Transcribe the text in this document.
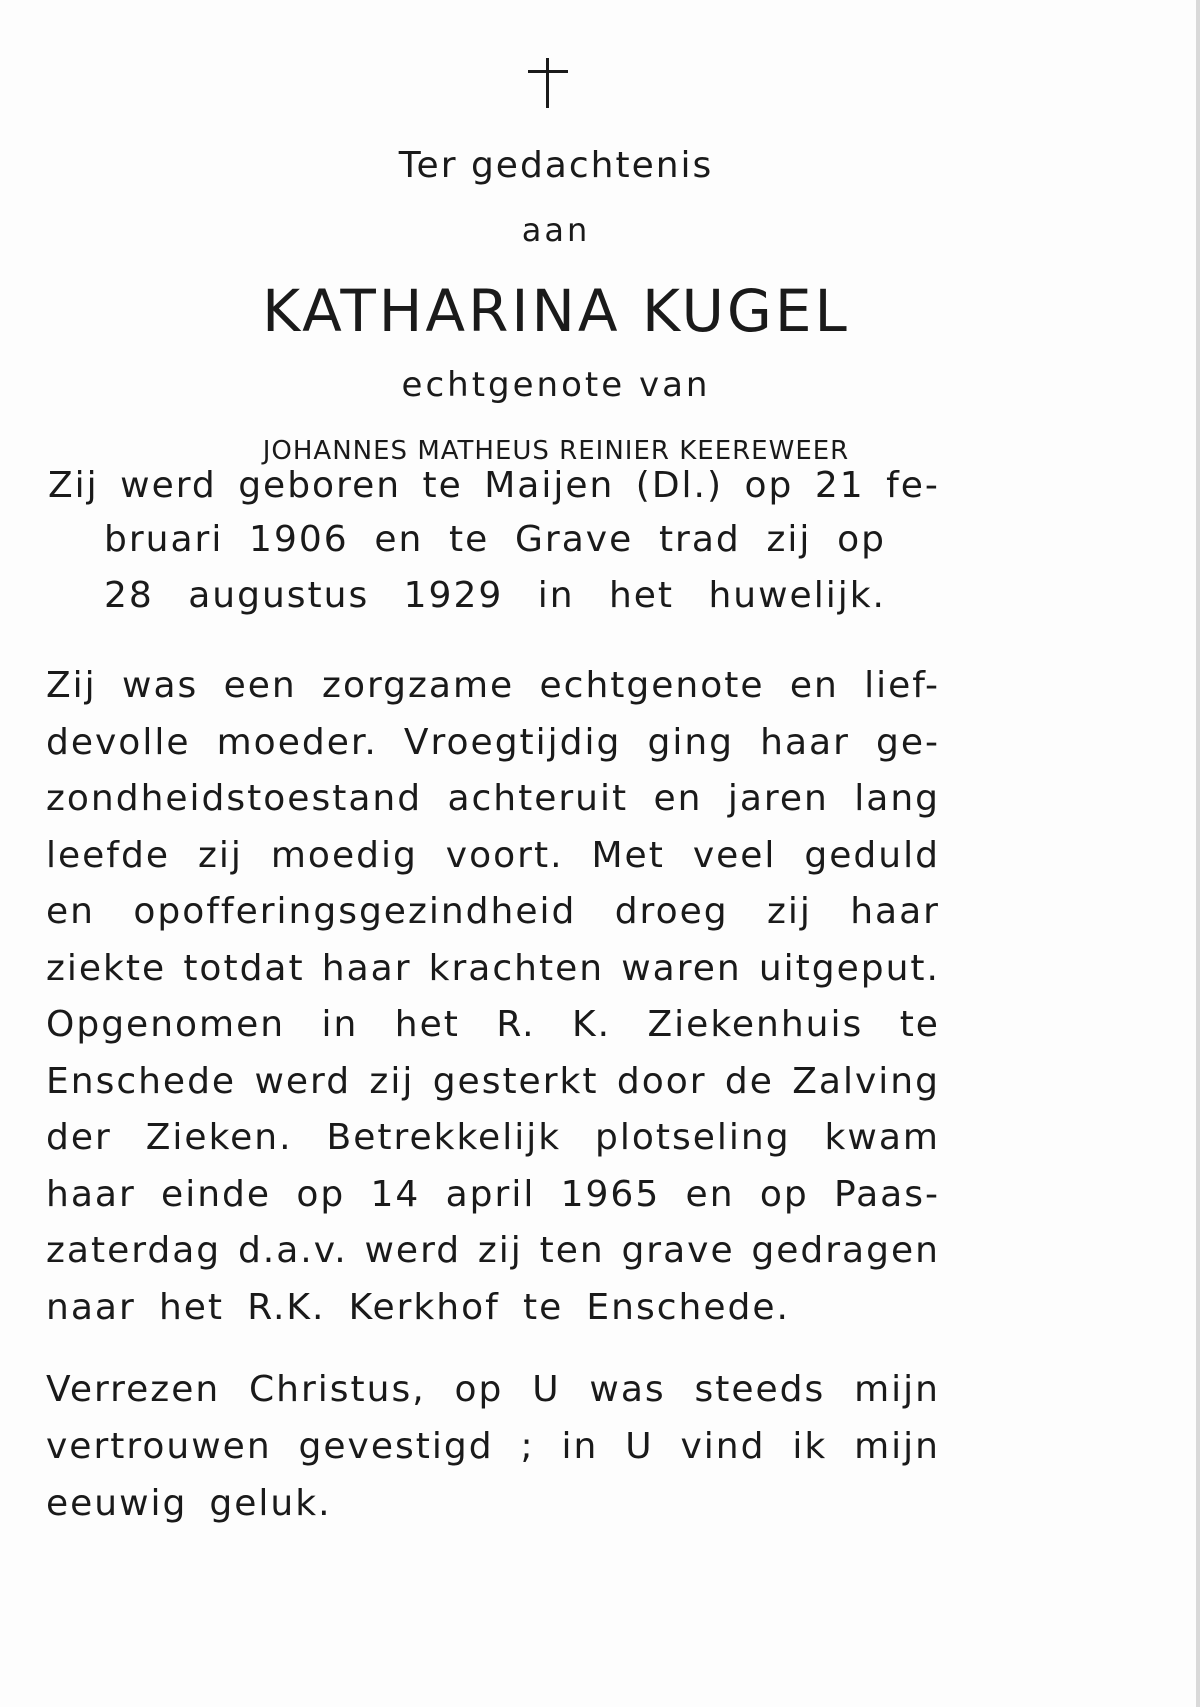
Ter gedachtenis
aan
KATHARINA KUGEL
echtgenote van
JOHANNES MATHEUS REINIER KEEREWEER
Zij werd geboren te Maijen (Dl.) op 21 fe-
bruari 1906 en te Grave trad zij op
28 augustus 1929 in het huwelijk.
Zij was een zorgzame echtgenote en lief-
devolle moeder. Vroegtijdig ging haar ge-
zondheidstoestand achteruit en jaren lang
leefde zij moedig voort. Met veel geduld
en opofferingsgezindheid droeg zij haar
ziekte totdat haar krachten waren uitgeput.
Opgenomen in het R. K. Ziekenhuis te
Enschede werd zij gesterkt door de Zalving
der Zieken. Betrekkelijk plotseling kwam
haar einde op 14 april 1965 en op Paas-
zaterdag d.a.v. werd zij ten grave gedragen
naar het R.K. Kerkhof te Enschede.
Verrezen Christus, op U was steeds mijn
vertrouwen gevestigd ; in U vind ik mijn
eeuwig geluk.
